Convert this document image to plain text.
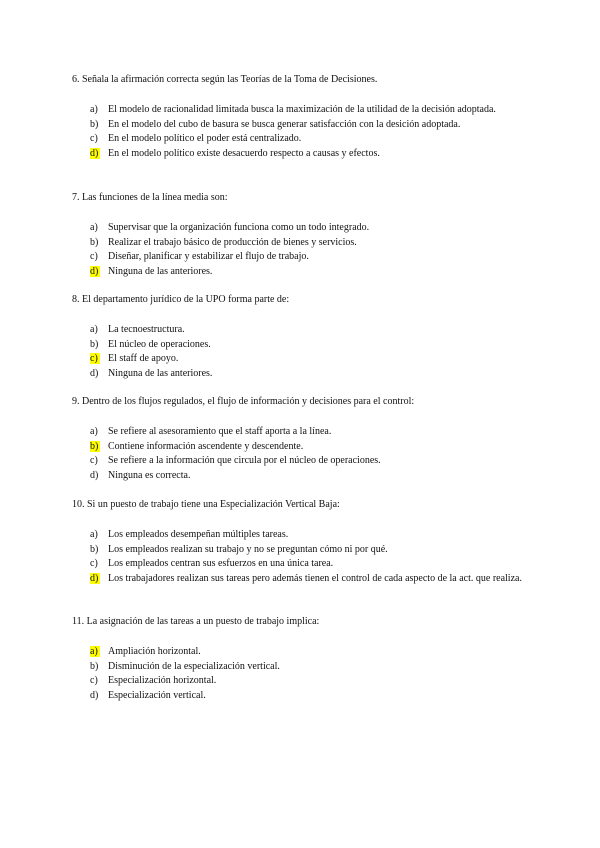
6. Señala la afirmación correcta según las Teorías de la Toma de Decisiones.
a)	El modelo de racionalidad limitada busca la maximización de la utilidad de la decisión adoptada.
b) En el modelo del cubo de basura se busca generar satisfacción con la desición adoptada.
c)	En el modelo político el poder está centralizado.
d) En el modelo político existe desacuerdo respecto a causas y efectos.
7. Las funciones de la línea media son:
a)	Supervisar que la organización funciona como un todo integrado.
b) Realizar el trabajo básico de producción de bienes y servicios.
c)	Diseñar, planificar y estabilizar el flujo de trabajo.
d) Ninguna de las anteriores.
8. El departamento jurídico de la UPO forma parte de:
a)	La tecnoestructura.
b) El núcleo de operaciones.
c)	El staff de apoyo.
d) Ninguna de las anteriores.
9. Dentro de los flujos regulados, el flujo de información y decisiones para el control:
a)	Se refiere al asesoramiento que el staff aporta a la línea.
b) Contiene información ascendente y descendente.
c)	Se refiere a la información que circula por el núcleo de operaciones.
d) Ninguna es correcta.
10. Si un puesto de trabajo tiene una Especialización Vertical Baja:
a)	Los empleados desempeñan múltiples tareas.
b) Los empleados realizan su trabajo y no se preguntan cómo ni por qué.
c)	Los empleados centran sus esfuerzos en una única tarea.
d) Los trabajadores realizan sus tareas pero además tienen el control de cada aspecto de la act. que realiza.
11. La asignación de las tareas a un puesto de trabajo implica:
a)	Ampliación horizontal.
b) Disminución de la especialización vertical.
c)	Especialización horizontal.
d) Especialización vertical.
